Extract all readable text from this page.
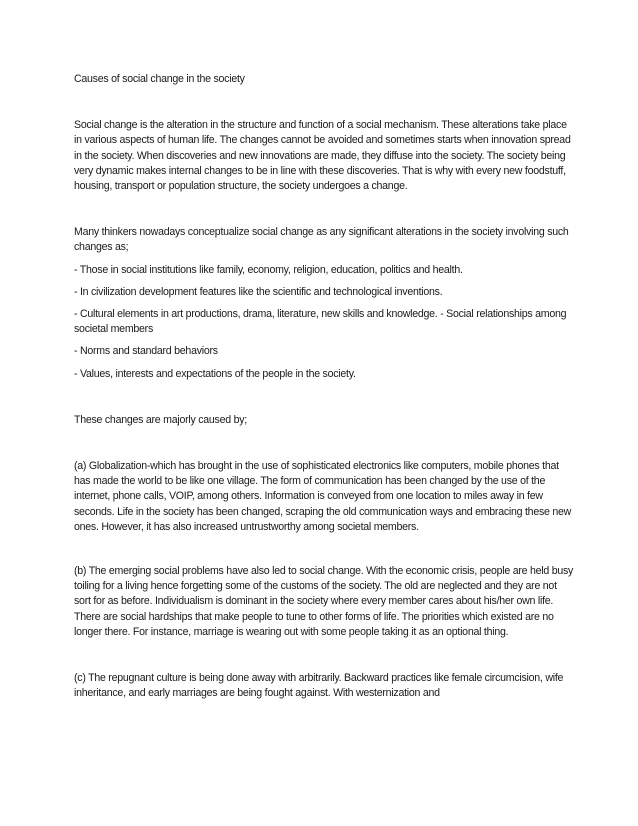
Causes of social change in the society

Social change is the alteration in the structure and function of a social mechanism. These alterations take place in various aspects of human life. The changes cannot be avoided and sometimes starts when innovation spread in the society. When discoveries and new innovations are made, they diffuse into the society. The society being very dynamic makes internal changes to be in line with these discoveries. That is why with every new foodstuff, housing, transport or population structure, the society undergoes a change.

Many thinkers nowadays conceptualize social change as any significant alterations in the society involving such changes as;

- Those in social institutions like family, economy, religion, education, politics and health.

- In civilization development features like the scientific and technological inventions.

- Cultural elements in art productions, drama, literature, new skills and knowledge. - Social relationships among societal members

- Norms and standard behaviors

- Values, interests and expectations of the people in the society.

These changes are majorly caused by;

(a) Globalization-which has brought in the use of sophisticated electronics like computers, mobile phones that has made the world to be like one village. The form of communication has been changed by the use of the internet, phone calls, VOIP, among others. Information is conveyed from one location to miles away in few seconds. Life in the society has been changed, scraping the old communication ways and embracing these new ones. However, it has also increased untrustworthy among societal members.

(b) The emerging social problems have also led to social change. With the economic crisis, people are held busy toiling for a living hence forgetting some of the customs of the society. The old are neglected and they are not sort for as before. Individualism is dominant in the society where every member cares about his/her own life. There are social hardships that make people to tune to other forms of life. The priorities which existed are no longer there. For instance, marriage is wearing out with some people taking it as an optional thing.

(c) The repugnant culture is being done away with arbitrarily. Backward practices like female circumcision, wife inheritance, and early marriages are being fought against. With westernization and
